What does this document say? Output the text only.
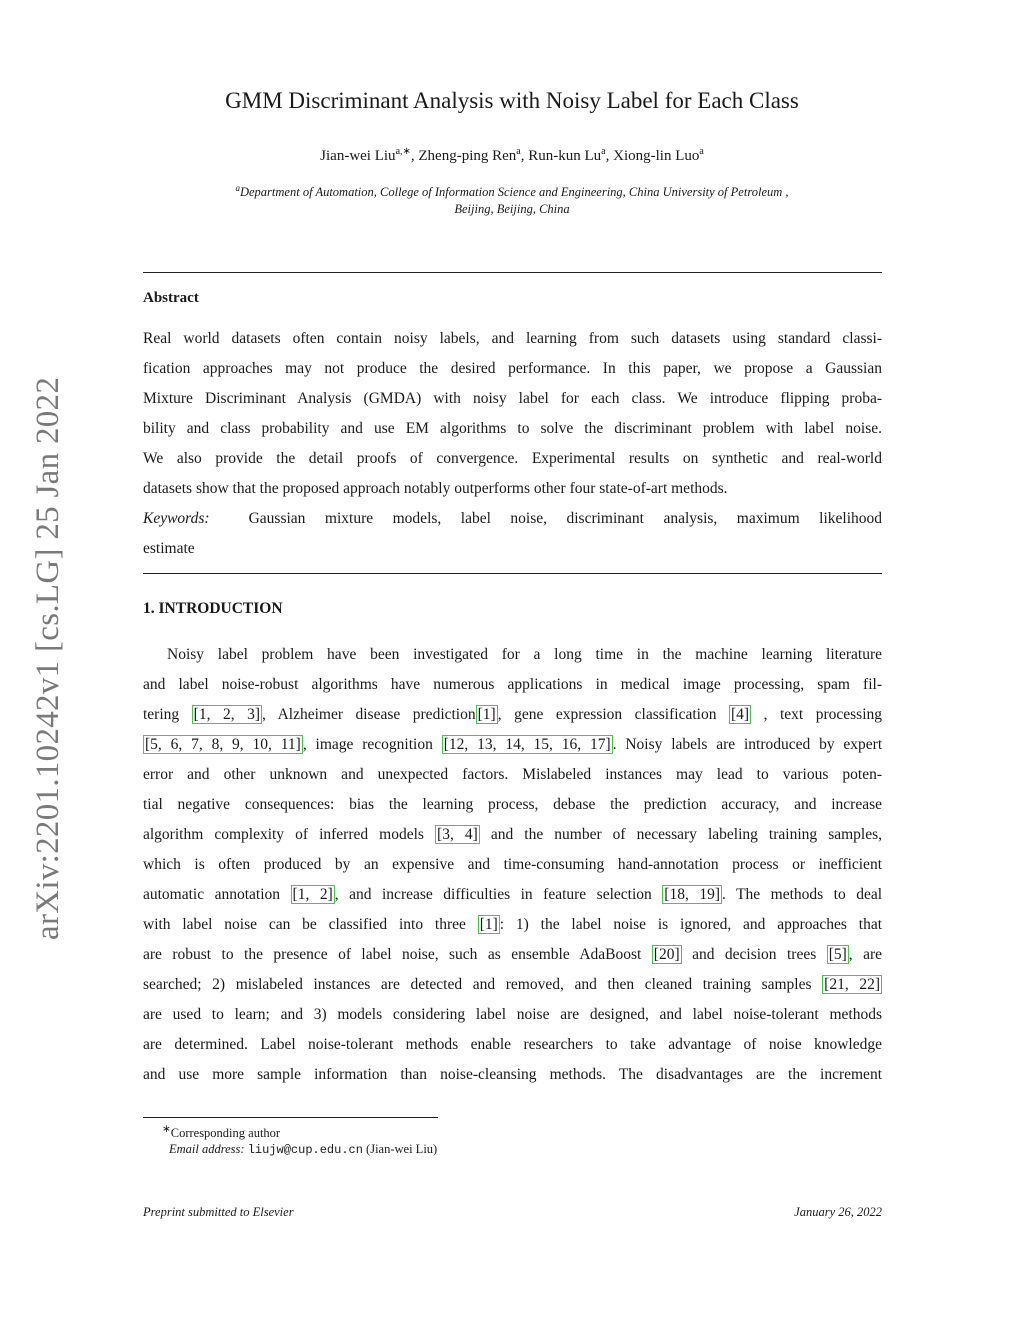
arXiv:2201.10242v1 [cs.LG] 25 Jan 2022
GMM Discriminant Analysis with Noisy Label for Each Class
Jian-wei Liu$^{a,∗}$, Zheng-ping Ren$^a$, Run-kun Lu$^a$, Xiong-lin Luo$^a$
$^a$Department of Automation, College of Information Science and Engineering, China University of Petroleum ,
Beijing, Beijing, China
Abstract
Real world datasets often contain noisy labels, and learning from such datasets using standard classi-
fication approaches may not produce the desired performance. In this paper, we propose a Gaussian
Mixture Discriminant Analysis (GMDA) with noisy label for each class. We introduce flipping proba-
bility and class probability and use EM algorithms to solve the discriminant problem with label noise.
We also provide the detail proofs of convergence. Experimental results on synthetic and real-world
datasets show that the proposed approach notably outperforms other four state-of-art methods.
Keywords:	Gaussian mixture models, label noise, discriminant analysis, maximum likelihood
estimate
1. INTRODUCTION
Noisy label problem have been investigated for a long time in the machine learning literature
and label noise-robust algorithms have numerous applications in medical image processing, spam fil-
tering [1, 2, 3] , Alzheimer disease prediction [1] , gene expression classification [4] , text processing
[5, 6, 7, 8, 9, 10, 11] , image recognition [12, 13, 14, 15, 16, 17] . Noisy labels are introduced by expert
error and other unknown and unexpected factors. Mislabeled instances may lead to various poten-
tial negative consequences: bias the learning process, debase the prediction accuracy, and increase
algorithm complexity of inferred models [3, 4] and the number of necessary labeling training samples,
which is often produced by an expensive and time-consuming hand-annotation process or inefficient
automatic annotation [1, 2] , and increase difficulties in feature selection [18, 19] . The methods to deal
with label noise can be classified into three [1] : 1) the label noise is ignored, and approaches that
are robust to the presence of label noise, such as ensemble AdaBoost [20] and decision trees [5] , are
searched; 2) mislabeled instances are detected and removed, and then cleaned training samples [21, 22]
are used to learn; and 3) models considering label noise are designed, and label noise-tolerant methods
are determined. Label noise-tolerant methods enable researchers to take advantage of noise knowledge
and use more sample information than noise-cleansing methods. The disadvantages are the increment
∗Corresponding author
Email address: liujw@cup.edu.cn (Jian-wei Liu)
Preprint submitted to Elsevier	January 26, 2022
